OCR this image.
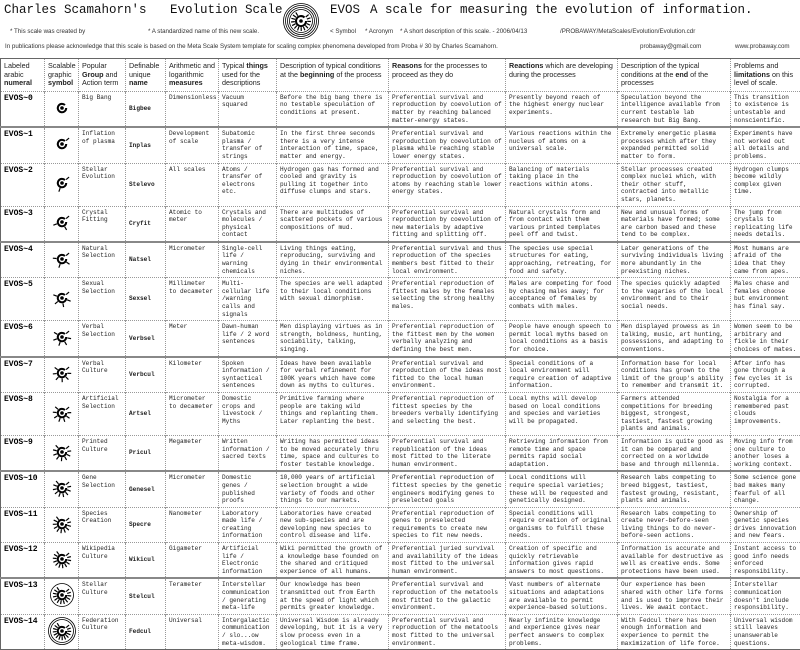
Charles Scamahorn's Evolution Scale	EVOS A scale for measuring the evolution of information.
* This scale was created by	* A standardized name of this new scale.	< Symbol * Acronym * A short description of this scale. - 2006/04/13	/PROBAWAY/MetaScales/Evolution/Evolution.cdr
In publications please acknowledge that this scale is based on the Meta Scale System template for scaling complex phenomena developed from Proba # 30 by Charles Scamahorn.	probaway@gmail.com	www.probaway.com
Labeled arabic numeral	Scalable graphic symbol	Popular Group and Action term	Definable unique name	Arithmetic and logarithmic measures	Typical things used for the descriptions	Description of typical conditions at the beginning of the process	Reasons for the processes to proceed as they do	Reactions which are developing during the processes	Description of the typical conditions at the end of the processes	Problems and limitations on this level of scale.
EVOS~0		Big Bang	Bigbee	Dimensionless	Vacuum squared	Before the big bang there is no testable speculation of conditions at present.	Preferential survival and reproduction by coevolution of matter by reaching balanced matter-energy states.	Presently beyond reach of the highest energy nuclear experiments.	Speculation beyond the intelligence available from current testable lab research but Big Bang.	This transition to existence is untestable and nonscientific.
EVOS~1		Inflation of plasma	Inplas	Development of scale	Subatomic plasma / transfer of strings	In the first three seconds there is a very intense interaction of time, space, matter and energy.	Preferential survival and reproduction by coevolution of plasma while reaching stable lower energy states.	Various reactions within the nucleus of atoms on a universal scale.	Extremely energetic plasma processes which after they expanded permitted solid matter to form.	Experiments have not worked out all details and problems.
EVOS~2		Stellar Evolution	Stelevo	All scales	Atoms / transfer of electrons etc.	Hydrogen gas has formed and cooled and gravity is pulling it together into diffuse clumps and stars.	Preferential survival and reproduction by coevolution of atoms by reaching stable lower energy states.	Balancing of materials taking place in the reactions within atoms.	Stellar processes created complex nuclei which, with their other stuff, contracted into metallic stars, planets.	Hydrogen clumps become wildly complex given time.
EVOS~3		Crystal Fitting	Cryfit	Atomic to meter	Crystals and molecules / physical contact	There are multitudes of scattered pockets of various compositions of mud.	Preferential survival and reproduction by coevolution of new materials by adaptive fitting and splitting off.	Natural crystals form and from contact with them various printed templates peel off and twist.	New and unusual forms of materials have formed; some are carbon based and these tend to be complex.	The jump from crystals to replicating life needs details.
EVOS~4		Natural Selection	Natsel	Micrometer	Single-cell life / warning chemicals	Living things eating, reproducing, surviving and dying in their environmental niches.	Preferential survival and thus reproduction of the species members best fitted to their local environment.	The species use special structures for eating, approaching, retreating, for food and safety.	Later generations of the surviving individuals living more abundantly in the preexisting niches.	Most humans are afraid of the idea that they came from apes.
EVOS~5		Sexual Selection	Sexsel	Millimeter to decameter	Multi-cellular life /warning calls and signals	The species are well adapted to their local conditions with sexual dimorphism.	Preferential reproduction of fittest males by the females selecting the strong healthy males.	Males are competing for food by chasing males away; for acceptance of females by combats with males.	The species quickly adapted to the vagaries of the local environment and to their social needs.	Males chase and females choose but environment has final say.
EVOS~6		Verbal Selection	Verbsel	Meter	Dawn-human life / 2 word sentences	Men displaying virtues as in strength, boldness, hunting, sociability, talking, singing.	Preferential reproduction of the fittest men by the women verbally analyzing and defining the best men.	People have enough speech to permit local myths based on local conditions as a basis for choice.	Men displayed prowess as in talking, music, art hunting, possessions, and adapting to conventions.	Women seem to be arbitrary and fickle in their choices of mates.
EVOS~7		Verbal Culture	Verbcul	Kilometer	Spoken information / syntactical sentences	Ideas have been available for verbal refinement for 100K years which have come down as myths to cultures.	Preferential survival and reproduction of the ideas most fitted to the local human environment.	Special conditions of a local environment will require creation of adaptive information.	Information base for local conditions has grown to the limit of the group's ability to remember and transmit it.	After info has gone through a few cycles it is corrupted.
EVOS~8		Artificial Selection	Artsel	Micrometer to decameter	Domestic crops and livestock / Myths	Primitive farming where people are taking wild things and replanting them. Later replanting the best.	Preferential reproduction of fittest species by the breeders verbally identifying and selecting the best.	Local myths will develop based on local conditions and species and varieties will be propagated.	Farmers attended competitions for breeding biggest, strongest, tastiest, fastest growing plants and animals.	Nostalgia for a remembered past clouds improvements.
EVOS~9		Printed Culture	Pricul	Megameter	Written information / sacred texts	Writing has permitted ideas to be moved accurately thru time, space and cultures to foster testable knowledge.	Preferential survival and republication of the ideas most fitted to the literate human environment.	Retrieving information from remote time and space permits rapid social adaptation.	Information is quite good as it can be compared and corrected on a worldwide base and through millennia.	Moving info from one culture to another loses a working context.
EVOS~10		Gene Selection	Genesel	Micrometer	Domestic genes / published proofs	10,000 years of artificial selection brought a wide variety of foods and other things to our markets.	Preferential reproduction of fittest species by the genetic engineers modifying genes to preselected goals	Local conditions will require special varieties; these will be requested and genetically designed.	Research labs competing to breed biggest, tastiest, fastest growing, resistant, plants and animals.	Some science gone bad makes many fearful of all change.
EVOS~11		Species Creation	Specre	Nanometer	Laboratory made life / creating information	Laboratories have created new sub-species and are developing new species to control disease and life.	Preferential reproduction of genes to preselected requirements to create new species to fit new needs.	Special conditions will require creation of original organisms to fulfill these needs.	Research labs competing to create never-before-seen living things to do never-before-seen actions.	Ownership of genetic species drives innovation and new fears.
EVOS~12		Wikipedia Culture	Wikicul	Gigameter	Artificial life / Electronic information	Wiki permitted the growth of a knowledge base founded on the shared and critiqued experience of all humans.	Preferential juried survival and availability of the ideas most fitted to the universal human environment.	Creation of specific and quickly retrievable information gives rapid answers to most questions.	Information is accurate and available for destructive as well as creative ends. Some protections have been used.	Instant access to good info needs enforced responsibility.
EVOS~13		Stellar Culture	Stelcul	Terameter	Interstellar communication / generating meta-life	Our knowledge has been transmitted out from Earth at the speed of light which permits greater knowledge.	Preferential survival and reproduction of the metatools most fitted to the galactic environment.	Vast numbers of alternate situations and adaptations are available to permit experience-based solutions.	Our experience has been shared with other life forms and is used to improve their lives. We await contact.	Interstellar communication doesn't include responsibility.
EVOS~14		Federation Culture	Fedcul	Universal	Intergalactic communication / slo...ow meta-wisdom.	Universal Wisdom is already developing, but it is a very slow process even in a geological time frame.	Preferential survival and reproduction of the metatools most fitted to the universal environment.	Nearly infinite knowledge and experience gives near perfect answers to complex problems.	With Fedcul there has been enough information and experience to permit the maximization of life force.	Universal wisdom still leaves unanswerable questions.
